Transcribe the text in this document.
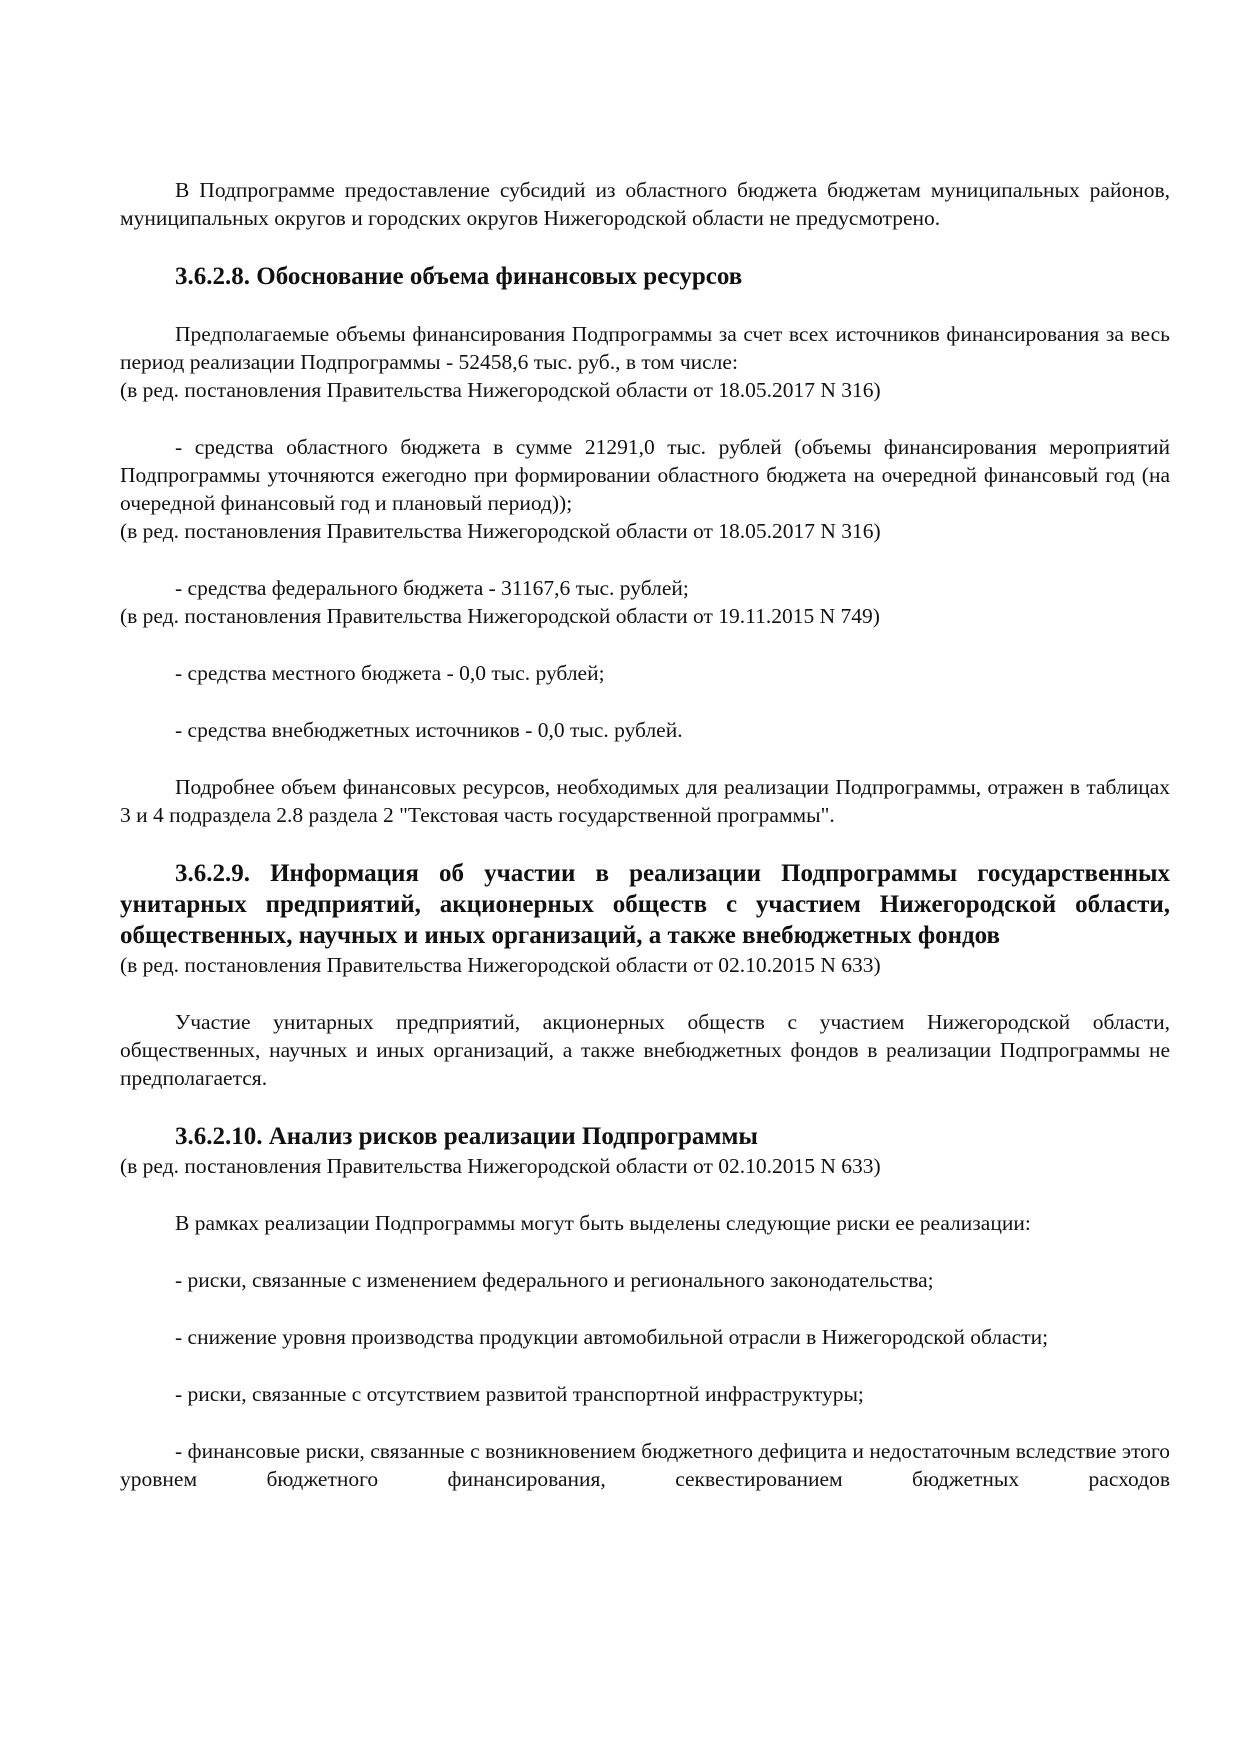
В Подпрограмме предоставление субсидий из областного бюджета бюджетам муниципальных районов, муниципальных округов и городских округов Нижегородской области не предусмотрено.

3.6.2.8. Обоснование объема финансовых ресурсов

Предполагаемые объемы финансирования Подпрограммы за счет всех источников финансирования за весь период реализации Подпрограммы - 52458,6 тыс. руб., в том числе:

(в ред. постановления Правительства Нижегородской области от 18.05.2017 N 316)

- средства областного бюджета в сумме 21291,0 тыс. рублей (объемы финансирования мероприятий Подпрограммы уточняются ежегодно при формировании областного бюджета на очередной финансовый год (на очередной финансовый год и плановый период));

(в ред. постановления Правительства Нижегородской области от 18.05.2017 N 316)

- средства федерального бюджета - 31167,6 тыс. рублей;

(в ред. постановления Правительства Нижегородской области от 19.11.2015 N 749)

- средства местного бюджета - 0,0 тыс. рублей;

- средства внебюджетных источников - 0,0 тыс. рублей.

Подробнее объем финансовых ресурсов, необходимых для реализации Подпрограммы, отражен в таблицах 3 и 4 подраздела 2.8 раздела 2 "Текстовая часть государственной программы".

3.6.2.9. Информация об участии в реализации Подпрограммы государственных унитарных предприятий, акционерных обществ с участием Нижегородской области, общественных, научных и иных организаций, а также внебюджетных фондов

(в ред. постановления Правительства Нижегородской области от 02.10.2015 N 633)

Участие унитарных предприятий, акционерных обществ с участием Нижегородской области, общественных, научных и иных организаций, а также внебюджетных фондов в реализации Подпрограммы не предполагается.

3.6.2.10. Анализ рисков реализации Подпрограммы

(в ред. постановления Правительства Нижегородской области от 02.10.2015 N 633)

В рамках реализации Подпрограммы могут быть выделены следующие риски ее реализации:

- риски, связанные с изменением федерального и регионального законодательства;

- снижение уровня производства продукции автомобильной отрасли в Нижегородской области;

- риски, связанные с отсутствием развитой транспортной инфраструктуры;

- финансовые риски, связанные с возникновением бюджетного дефицита и недостаточным вследствие этого уровнем бюджетного финансирования, секвестированием бюджетных расходов
